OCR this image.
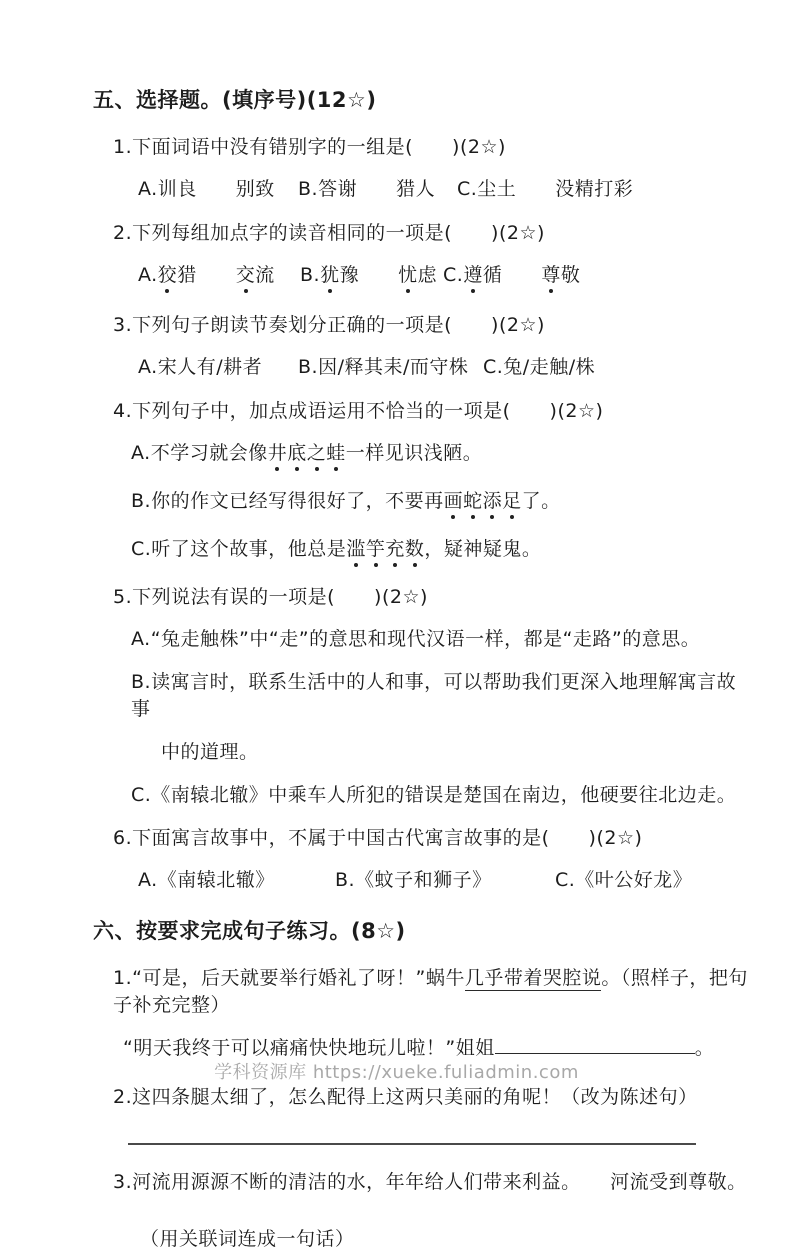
五、选择题。(填序号)(12☆)
1.下面词语中没有错别字的一组是(　　)(2☆)
A.训良　　别致	B.答谢　　猎人	C.尘土　　没精打彩
2.下列每组加点字的读音相同的一项是(　　)(2☆)
A.狡猎　　 交流	B.犹豫　　 忧虑 C.遵循　　 尊敬
3.下列句子朗读节奏划分正确的一项是(　　)(2☆)
A.宋人有/耕者	B.因/释其耒/而守株 C.兔/走触/株
4.下列句子中，加点成语运用不恰当的一项是(　　)(2☆)
A.不学习就会像井底之蛙一样见识浅陋。
B.你的作文已经写得很好了，不要再画蛇添足了。
C.听了这个故事，他总是滥竽充数，疑神疑鬼。
5.下列说法有误的一项是(　　)(2☆)
A.“兔走触株”中“走”的意思和现代汉语一样，都是“走路”的意思。
B.读寓言时，联系生活中的人和事，可以帮助我们更深入地理解寓言故事
中的道理。
C.《南辕北辙》中乘车人所犯的错误是楚国在南边，他硬要往北边走。
6.下面寓言故事中，不属于中国古代寓言故事的是(　　)(2☆)
A.《南辕北辙》	B.《蚊子和狮子》	C.《叶公好龙》
六、按要求完成句子练习。(8☆)
1.“可是，后天就要举行婚礼了呀！”蜗牛几乎带着哭腔说。（照样子，把句子补充完整）
“明天我终于可以痛痛快快地玩儿啦！”姐姐	。
2.这四条腿太细了，怎么配得上这两只美丽的角呢！（改为陈述句）
3.河流用源源不断的清洁的水，年年给人们带来利益。　　河流受到尊敬。
（用关联词连成一句话）
学科资源库 https://xueke.fuliadmin.com
